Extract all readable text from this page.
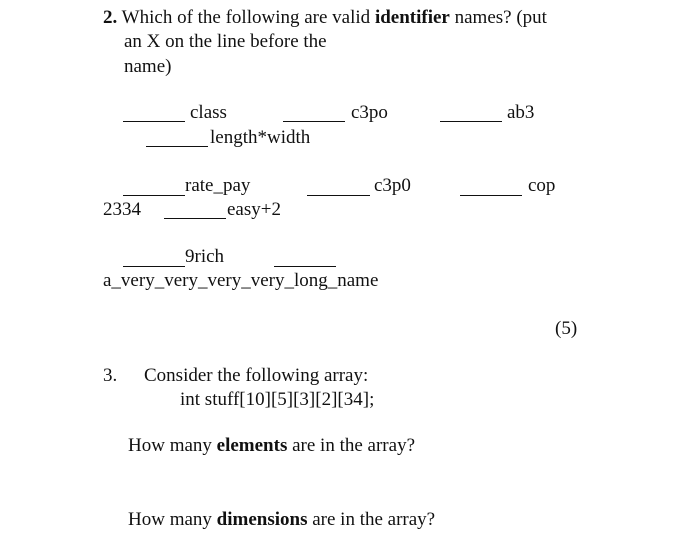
2. Which of the following are valid identifier names? (put
an X on the line before the
name)
class	c3po	ab3
length*width
rate_pay	c3p0	cop
2334	easy+2
9rich
a_very_very_very_very_long_name
(5)
3. Consider the following array:
int stuff[10][5][3][2][34];
How many elements are in the array?
How many dimensions are in the array?
